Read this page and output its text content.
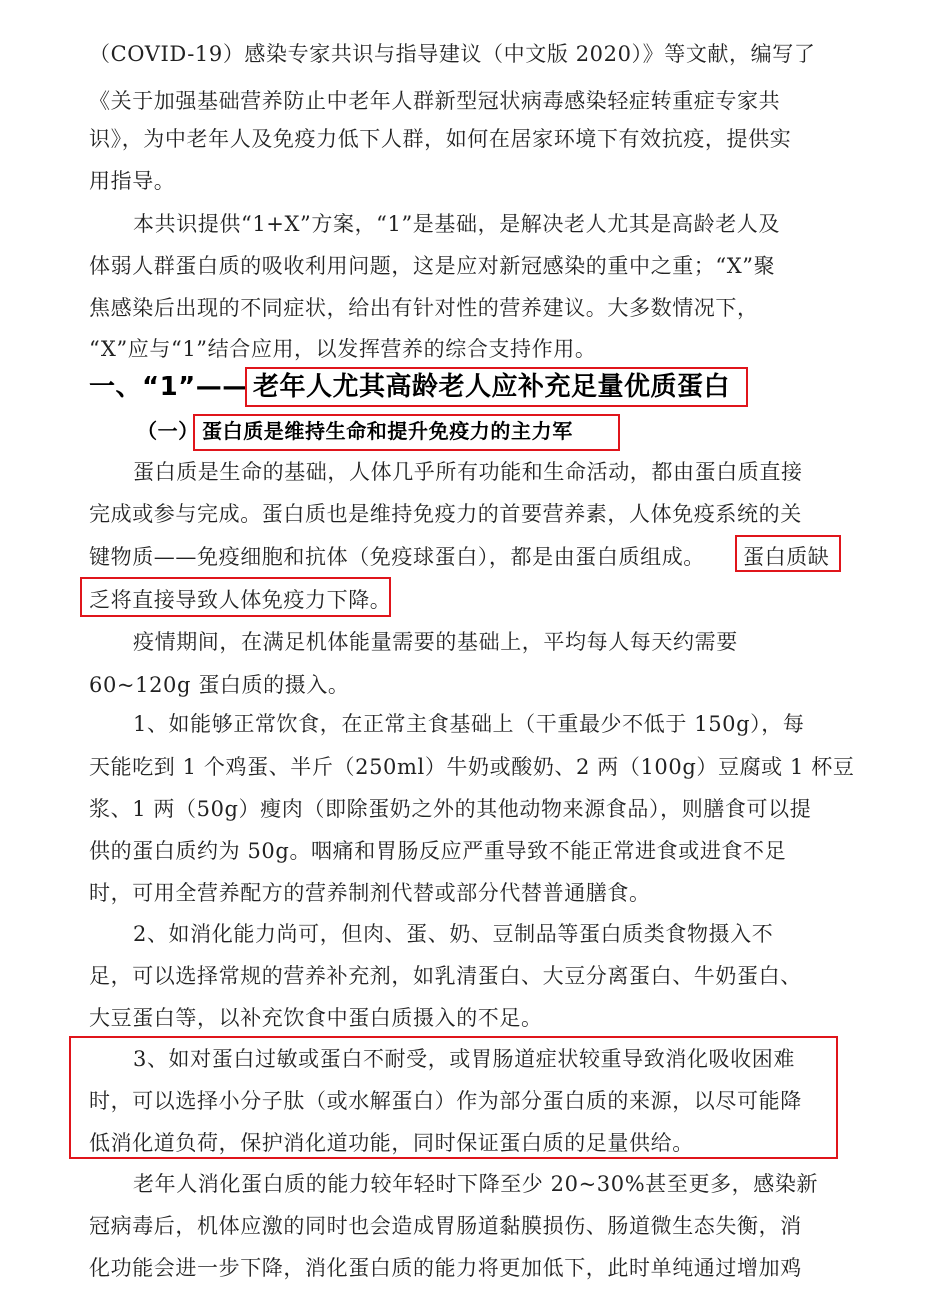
（COVID-19）感染专家共识与指导建议（中文版 2020）》等文献，编写了
《关于加强基础营养防止中老年人群新型冠状病毒感染轻症转重症专家共
识》，为中老年人及免疫力低下人群，如何在居家环境下有效抗疫，提供实
用指导。
本共识提供“1+X”方案，“1”是基础，是解决老人尤其是高龄老人及
体弱人群蛋白质的吸收利用问题，这是应对新冠感染的重中之重；“X”聚
焦感染后出现的不同症状，给出有针对性的营养建议。大多数情况下，
“X”应与“1”结合应用，以发挥营养的综合支持作用。
一、“1”—— 老年人尤其高龄老人应补充足量优质蛋白
（一） 蛋白质是维持生命和提升免疫力的主力军
蛋白质是生命的基础，人体几乎所有功能和生命活动，都由蛋白质直接
完成或参与完成。蛋白质也是维持免疫力的首要营养素，人体免疫系统的关
键物质——免疫细胞和抗体（免疫球蛋白），都是由蛋白质组成。 蛋白质缺
乏将直接导致人体免疫力下降。
疫情期间，在满足机体能量需要的基础上，平均每人每天约需要
60~120g 蛋白质的摄入。
1、如能够正常饮食，在正常主食基础上（干重最少不低于 150g），每
天能吃到 1 个鸡蛋、半斤（250ml）牛奶或酸奶、2 两（100g）豆腐或 1 杯豆
浆、1 两（50g）瘦肉（即除蛋奶之外的其他动物来源食品），则膳食可以提
供的蛋白质约为 50g。咽痛和胃肠反应严重导致不能正常进食或进食不足
时，可用全营养配方的营养制剂代替或部分代替普通膳食。
2、如消化能力尚可，但肉、蛋、奶、豆制品等蛋白质类食物摄入不
足，可以选择常规的营养补充剂，如乳清蛋白、大豆分离蛋白、牛奶蛋白、
大豆蛋白等，以补充饮食中蛋白质摄入的不足。
3、如对蛋白过敏或蛋白不耐受，或胃肠道症状较重导致消化吸收困难
时，可以选择小分子肽（或水解蛋白）作为部分蛋白质的来源，以尽可能降
低消化道负荷，保护消化道功能，同时保证蛋白质的足量供给。
老年人消化蛋白质的能力较年轻时下降至少 20~30%甚至更多，感染新
冠病毒后，机体应激的同时也会造成胃肠道黏膜损伤、肠道微生态失衡，消
化功能会进一步下降，消化蛋白质的能力将更加低下，此时单纯通过增加鸡
